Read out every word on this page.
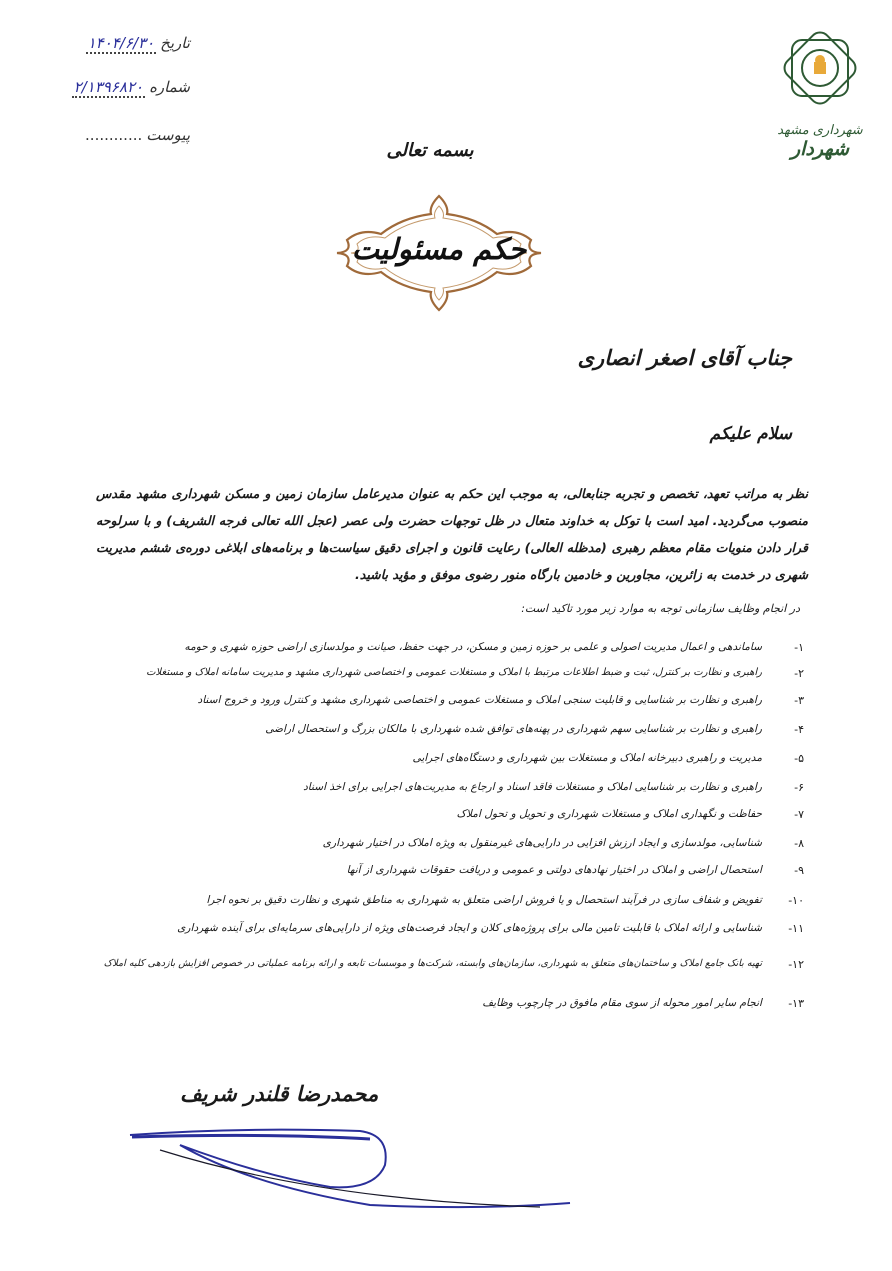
تاریخ۱۴۰۴/۶/۳۰
شماره۲/۱۳۹۶۸۲۰
پیوست............	شهرداری مشهد
شهردار
بسمه تعالی
حکم مسئولیت
جناب آقای اصغر انصاری
سلام علیکم
نظر به مراتب تعهد، تخصص و تجربه جنابعالی، به موجب این حکم به عنوان مدیرعامل سازمان زمین و مسکن شهرداری مشهد مقدس منصوب می‌گردید. امید است با توکل به خداوند متعال در ظل توجهات حضرت ولی عصر (عجل الله تعالی فرجه الشریف) و با سرلوحه قرار دادن منویات مقام معظم رهبری (مدظله العالی) رعایت قانون و اجرای دقیق سیاست‌ها و برنامه‌های ابلاغی دوره‌ی ششم مدیریت شهری در خدمت به زائرین، مجاورین و خادمین بارگاه منور رضوی موفق و مؤید باشید.
در انجام وظایف سازمانی توجه به موارد زیر مورد تاکید است:
۱-
ساماندهی و اعمال مدیریت اصولی و علمی بر حوزه زمین و مسکن، در جهت حفظ، صیانت و مولدسازی اراضی حوزه شهری و حومه
۲-
راهبری و نظارت بر کنترل، ثبت و ضبط اطلاعات مرتبط با املاک و مستغلات عمومی و اختصاصی شهرداری مشهد و مدیریت سامانه املاک و مستغلات
۳-
راهبری و نظارت بر شناسایی و قابلیت سنجی املاک و مستغلات عمومی و اختصاصی شهرداری مشهد و کنترل ورود و خروج اسناد
۴-
راهبری و نظارت بر شناسایی سهم شهرداری در پهنه‌های توافق شده شهرداری با مالکان بزرگ و استحصال اراضی
۵-
مدیریت و راهبری دبیرخانه املاک و مستغلات بین شهرداری و دستگاه‌های اجرایی
۶-
راهبری و نظارت بر شناسایی املاک و مستغلات فاقد اسناد و ارجاع به مدیریت‌های اجرایی برای اخذ اسناد
۷-
حفاظت و نگهداری املاک و مستغلات شهرداری و تحویل و تحول املاک
۸-
شناسایی، مولدسازی و ایجاد ارزش افزایی در دارایی‌های غیرمنقول به ویژه املاک در اختیار شهرداری
۹-
استحصال اراضی و املاک در اختیار نهادهای دولتی و عمومی و دریافت حقوقات شهرداری از آنها
۱۰-
تفویض و شفاف سازی در فرآیند استحصال و یا فروش اراضی متعلق به شهرداری به مناطق شهری و نظارت دقیق بر نحوه اجرا
۱۱-
شناسایی و ارائه املاک با قابلیت تامین مالی برای پروژه‌های کلان و ایجاد فرصت‌های ویژه از دارایی‌های سرمایه‌ای برای آینده شهرداری
۱۲-
تهیه بانک جامع املاک و ساختمان‌های متعلق به شهرداری، سازمان‌های وابسته، شرکت‌ها و موسسات تابعه و ارائه برنامه عملیاتی در خصوص افزایش بازدهی کلیه املاک
۱۳-
انجام سایر امور محوله از سوی مقام مافوق در چارچوب وظایف
محمدرضا قلندر شریف
